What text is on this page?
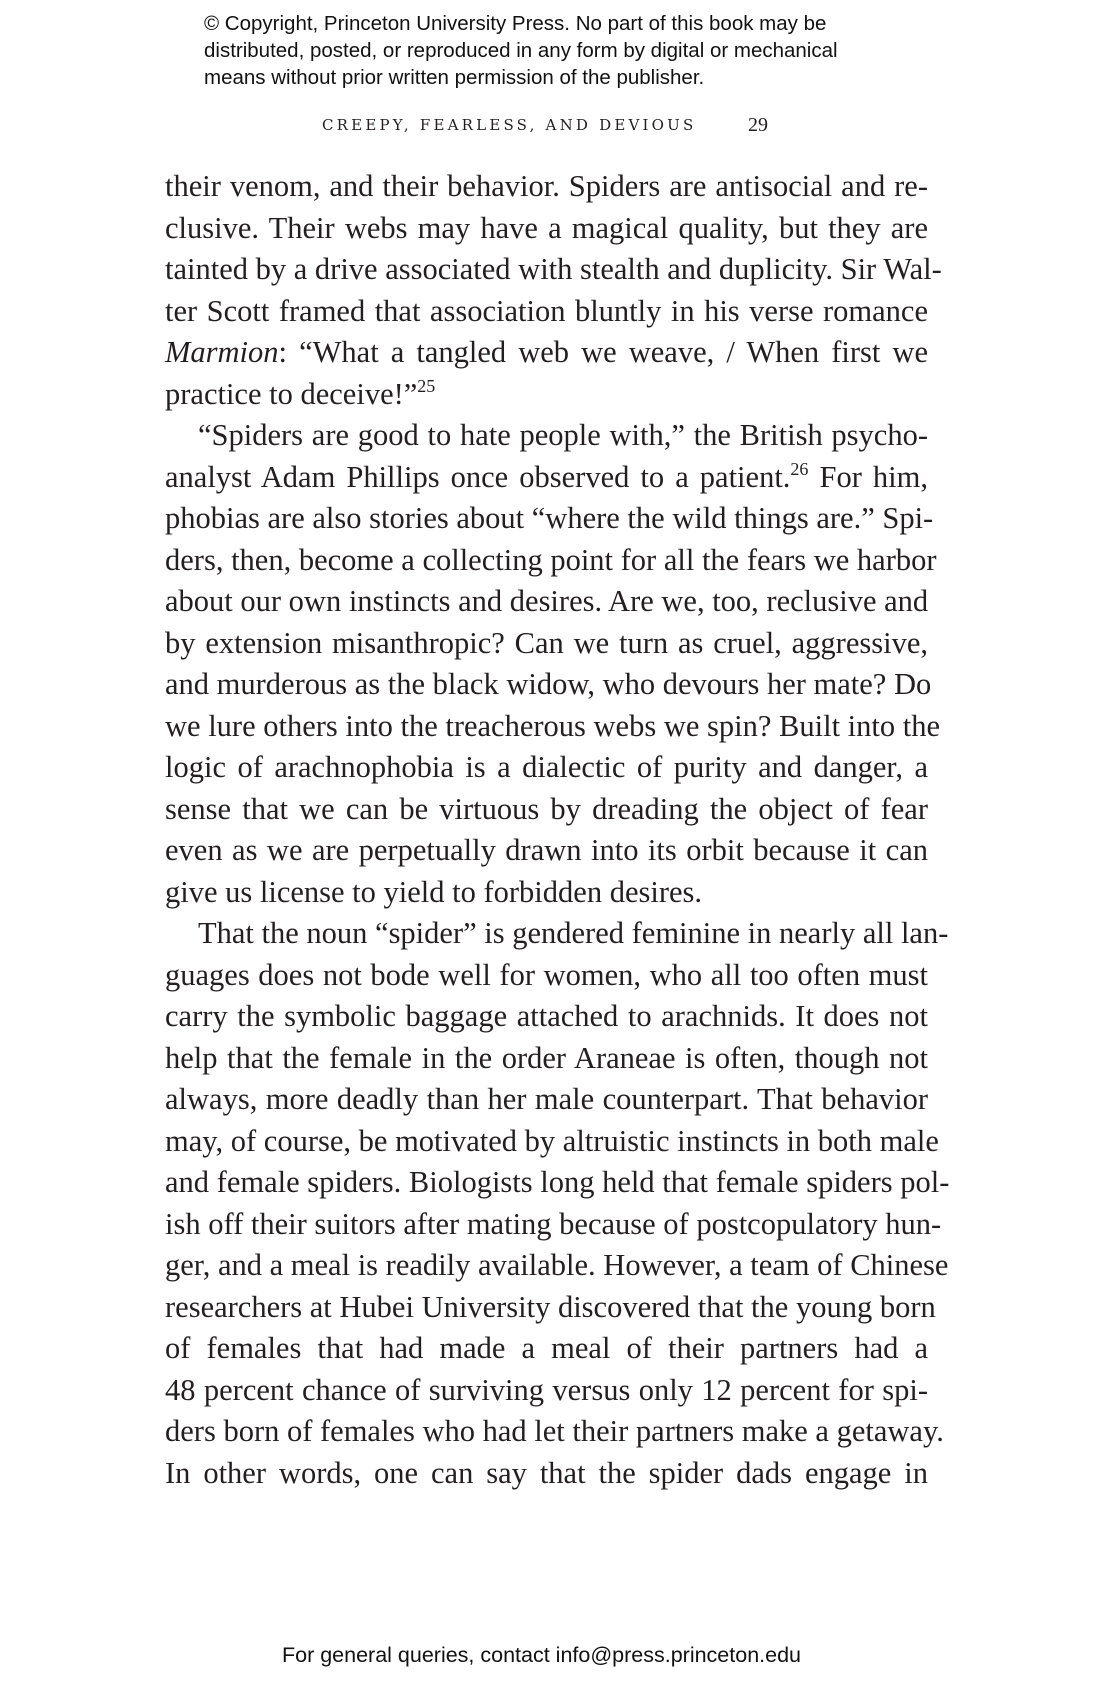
© Copyright, Princeton University Press. No part of this book may be
distributed, posted, or reproduced in any form by digital or mechanical
means without prior written permission of the publisher.
CREEPY, FEARLESS, AND DEVIOUS	29
their venom, and their behavior. Spiders are antisocial and re-
clusive. Their webs may have a magical quality, but they are
tainted by a drive associated with stealth and duplicity. Sir Wal-
ter Scott framed that association bluntly in his verse romance
Marmion: “What a tangled web we weave, / When first we
practice to deceive!”$^{25}$
“Spiders are good to hate people with,” the British psycho-
analyst Adam Phillips once observed to a patient.$^{26}$ For him,
phobias are also stories about “where the wild things are.” Spi-
ders, then, become a collecting point for all the fears we harbor
about our own instincts and desires. Are we, too, reclusive and
by extension misanthropic? Can we turn as cruel, aggressive,
and murderous as the black widow, who devours her mate? Do
we lure others into the treacherous webs we spin? Built into the
logic of arachnophobia is a dialectic of purity and danger, a
sense that we can be virtuous by dreading the object of fear
even as we are perpetually drawn into its orbit because it can
give us license to yield to forbidden desires.
That the noun “spider” is gendered feminine in nearly all lan-
guages does not bode well for women, who all too often must
carry the symbolic baggage attached to arachnids. It does not
help that the female in the order Araneae is often, though not
always, more deadly than her male counterpart. That behavior
may, of course, be motivated by altruistic instincts in both male
and female spiders. Biologists long held that female spiders pol-
ish off their suitors after mating because of postcopulatory hun-
ger, and a meal is readily available. However, a team of Chinese
researchers at Hubei University discovered that the young born
of females that had made a meal of their partners had a
48 percent chance of surviving versus only 12 percent for spi-
ders born of females who had let their partners make a getaway.
In other words, one can say that the spider dads engage in
For general queries, contact info@press.princeton.edu
